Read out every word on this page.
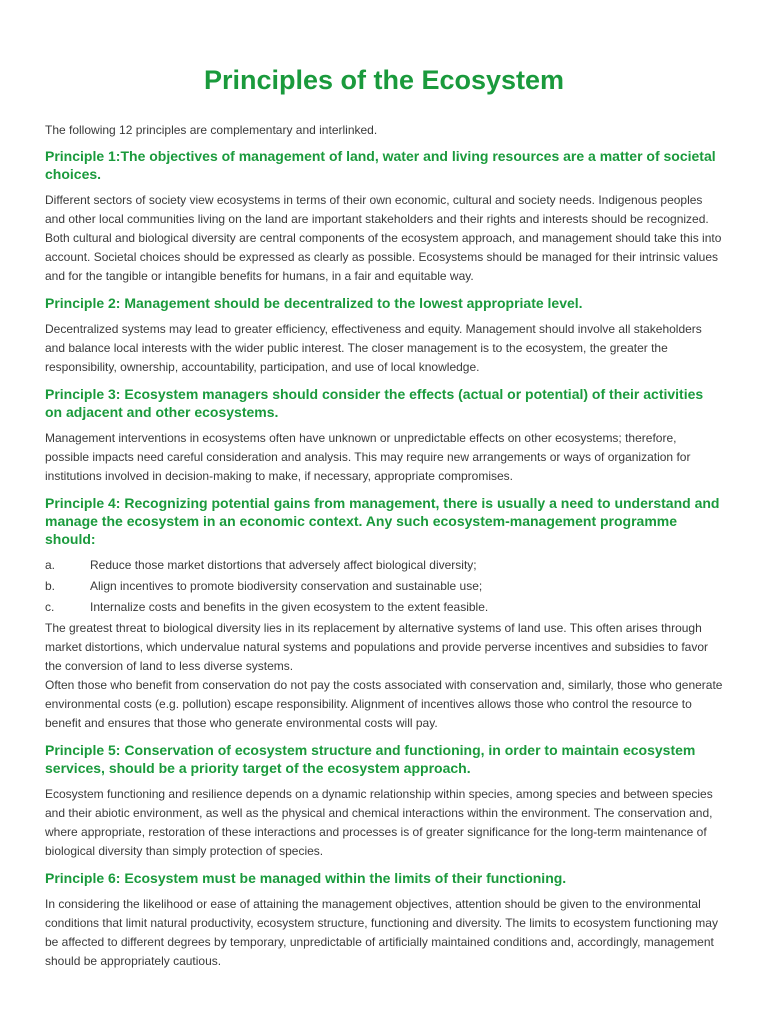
Principles of the Ecosystem

The following 12 principles are complementary and interlinked.

Principle 1:The objectives of management of land, water and living resources are a matter of societal choices.

Different sectors of society view ecosystems in terms of their own economic, cultural and society needs. Indigenous peoples and other local communities living on the land are important stakeholders and their rights and interests should be recognized. Both cultural and biological diversity are central components of the ecosystem approach, and management should take this into account. Societal choices should be expressed as clearly as possible. Ecosystems should be managed for their intrinsic values and for the tangible or intangible benefits for humans, in a fair and equitable way.

Principle 2: Management should be decentralized to the lowest appropriate level.

Decentralized systems may lead to greater efficiency, effectiveness and equity. Management should involve all stakeholders and balance local interests with the wider public interest. The closer management is to the ecosystem, the greater the responsibility, ownership, accountability, participation, and use of local knowledge.

Principle 3: Ecosystem managers should consider the effects (actual or potential) of their activities on adjacent and other ecosystems.

Management interventions in ecosystems often have unknown or unpredictable effects on other ecosystems; therefore, possible impacts need careful consideration and analysis. This may require new arrangements or ways of organization for institutions involved in decision-making to make, if necessary, appropriate compromises.

Principle 4: Recognizing potential gains from management, there is usually a need to understand and manage the ecosystem in an economic context. Any such ecosystem-management programme should:
a.	Reduce those market distortions that adversely affect biological diversity;
b.	Align incentives to promote biodiversity conservation and sustainable use;
c.	Internalize costs and benefits in the given ecosystem to the extent feasible.

The greatest threat to biological diversity lies in its replacement by alternative systems of land use. This often arises through market distortions, which undervalue natural systems and populations and provide perverse incentives and subsidies to favor the conversion of land to less diverse systems.

Often those who benefit from conservation do not pay the costs associated with conservation and, similarly, those who generate environmental costs (e.g. pollution) escape responsibility. Alignment of incentives allows those who control the resource to benefit and ensures that those who generate environmental costs will pay.

Principle 5: Conservation of ecosystem structure and functioning, in order to maintain ecosystem services, should be a priority target of the ecosystem approach.

Ecosystem functioning and resilience depends on a dynamic relationship within species, among species and between species and their abiotic environment, as well as the physical and chemical interactions within the environment. The conservation and, where appropriate, restoration of these interactions and processes is of greater significance for the long-term maintenance of biological diversity than simply protection of species.

Principle 6: Ecosystem must be managed within the limits of their functioning.

In considering the likelihood or ease of attaining the management objectives, attention should be given to the environmental conditions that limit natural productivity, ecosystem structure, functioning and diversity. The limits to ecosystem functioning may be affected to different degrees by temporary, unpredictable of artificially maintained conditions and, accordingly, management should be appropriately cautious.
